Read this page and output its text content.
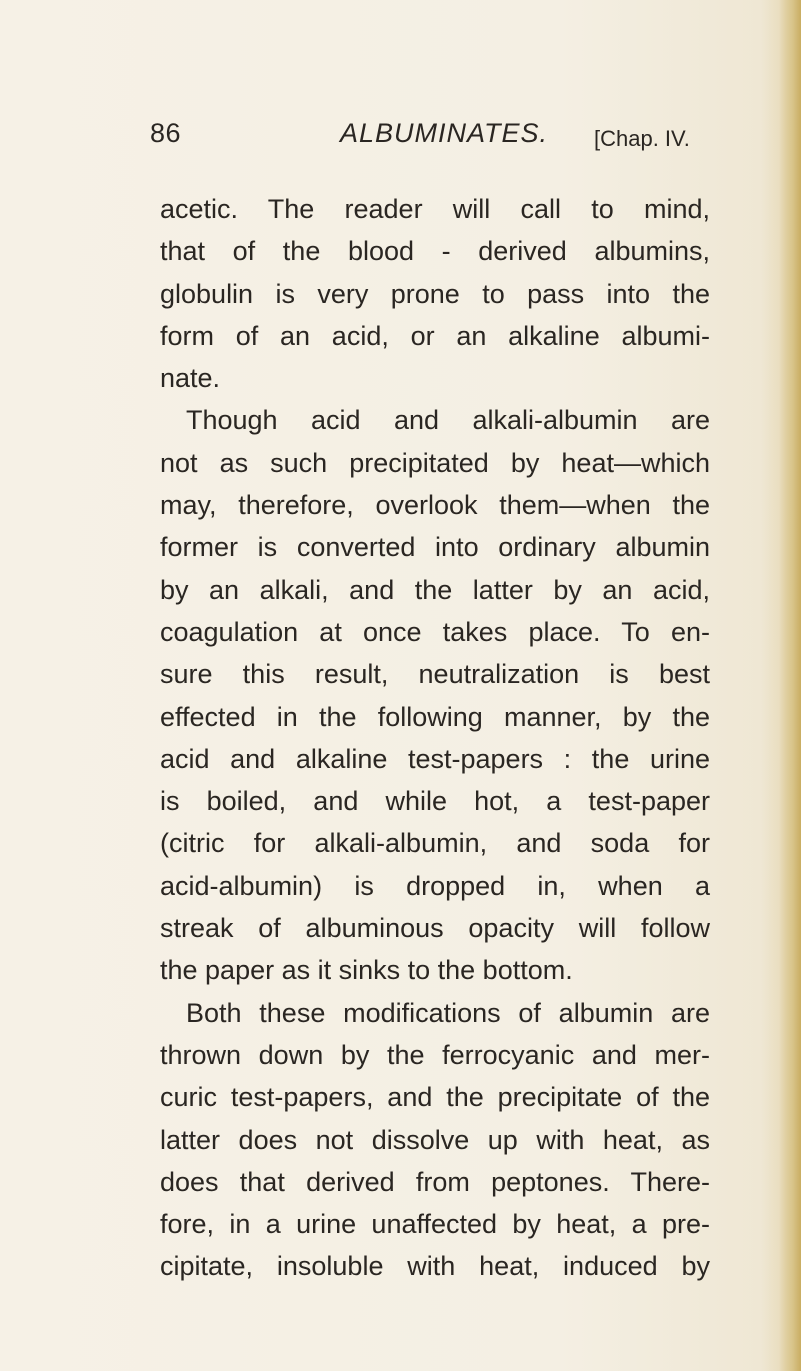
86	ALBUMINATES. [Chap. IV.
acetic. The reader will call to mind,
that of the blood - derived albumins,
globulin is very prone to pass into the
form of an acid, or an alkaline albumi-
nate.
Though acid and alkali-albumin are
not as such precipitated by heat—which
may, therefore, overlook them—when the
former is converted into ordinary albumin
by an alkali, and the latter by an acid,
coagulation at once takes place. To en-
sure this result, neutralization is best
effected in the following manner, by the
acid and alkaline test-papers : the urine
is boiled, and while hot, a test-paper
(citric for alkali-albumin, and soda for
acid-albumin) is dropped in, when a
streak of albuminous opacity will follow
the paper as it sinks to the bottom.
Both these modifications of albumin are
thrown down by the ferrocyanic and mer-
curic test-papers, and the precipitate of the
latter does not dissolve up with heat, as
does that derived from peptones. There-
fore, in a urine unaffected by heat, a pre-
cipitate, insoluble with heat, induced by
